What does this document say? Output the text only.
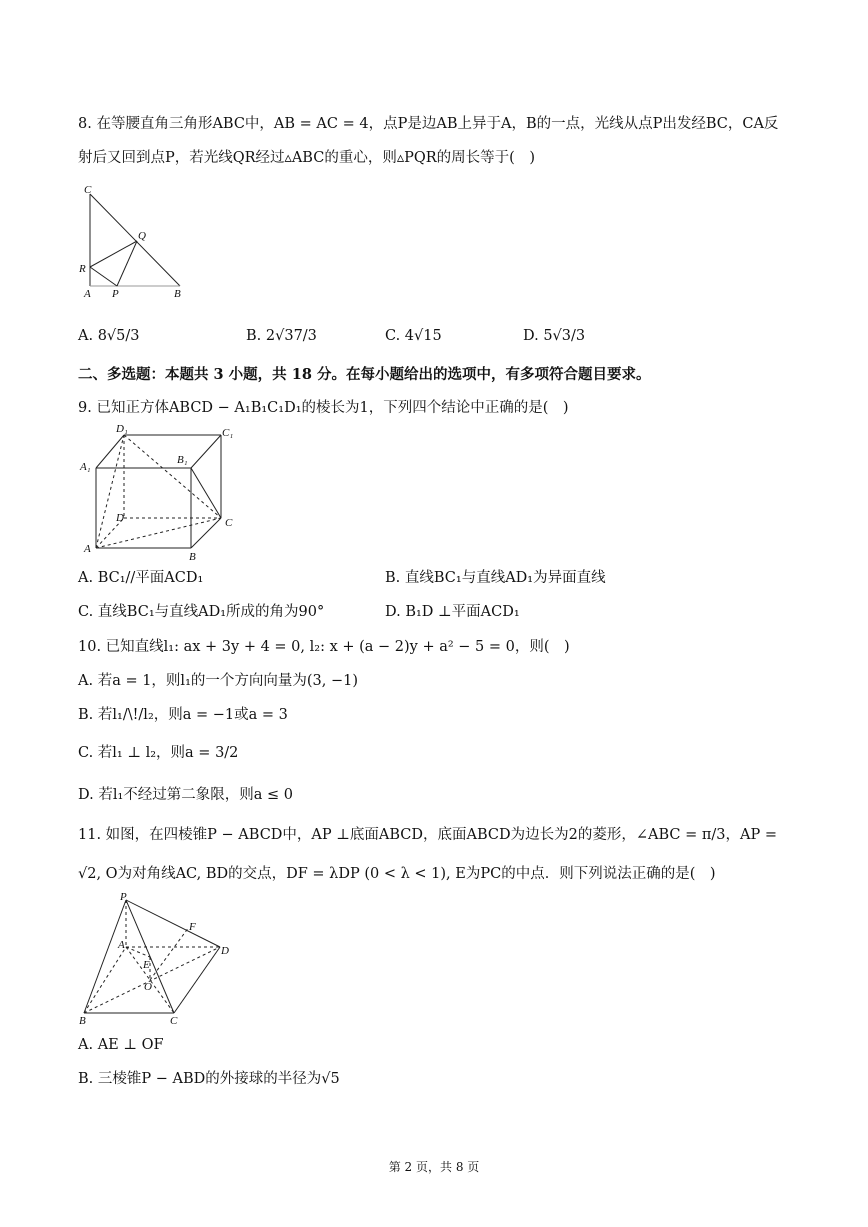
8. 在等腰直角三角形ABC中，AB = AC = 4，点P是边AB上异于A，B的一点，光线从点P出发经BC，CA反
射后又回到点P，若光线QR经过▵ABC的重心，则▵PQR的周长等于(　)
C
Q
R
A P	B
A. 8√5/3	B. 2√37/3	C. 4√15	D. 5√3/3
二、多选题：本题共 3 小题，共 18 分。在每小题给出的选项中，有多项符合题目要求。
9. 已知正方体ABCD − A₁B₁C₁D₁的棱长为1，下列四个结论中正确的是(　)
D₁	C₁
A₁
B₁
D	C
A
B
A. BC₁//平面ACD₁	B. 直线BC₁与直线AD₁为异面直线
C. 直线BC₁与直线AD₁所成的角为90°	D. B₁D ⊥平面ACD₁
10. 已知直线l₁: ax + 3y + 4 = 0, l₂: x + (a − 2)y + a² − 5 = 0，则(　)
A. 若a = 1，则l₁的一个方向向量为(3, −1)
B. 若l₁/\!/l₂，则a = −1或a = 3
C. 若l₁ ⊥ l₂，则a = 3/2
D. 若l₁不经过第二象限，则a ≤ 0
11. 如图，在四棱锥P − ABCD中，AP ⊥底面ABCD，底面ABCD为边长为2的菱形，∠ABC = π/3，AP =
√2, O为对角线AC, BD的交点，DF = λDP (0 < λ < 1), E为PC的中点．则下列说法正确的是(　)
P
F
A	D
E
O
B	C
A. AE ⊥ OF
B. 三棱锥P − ABD的外接球的半径为√5
第 2 页，共 8 页
